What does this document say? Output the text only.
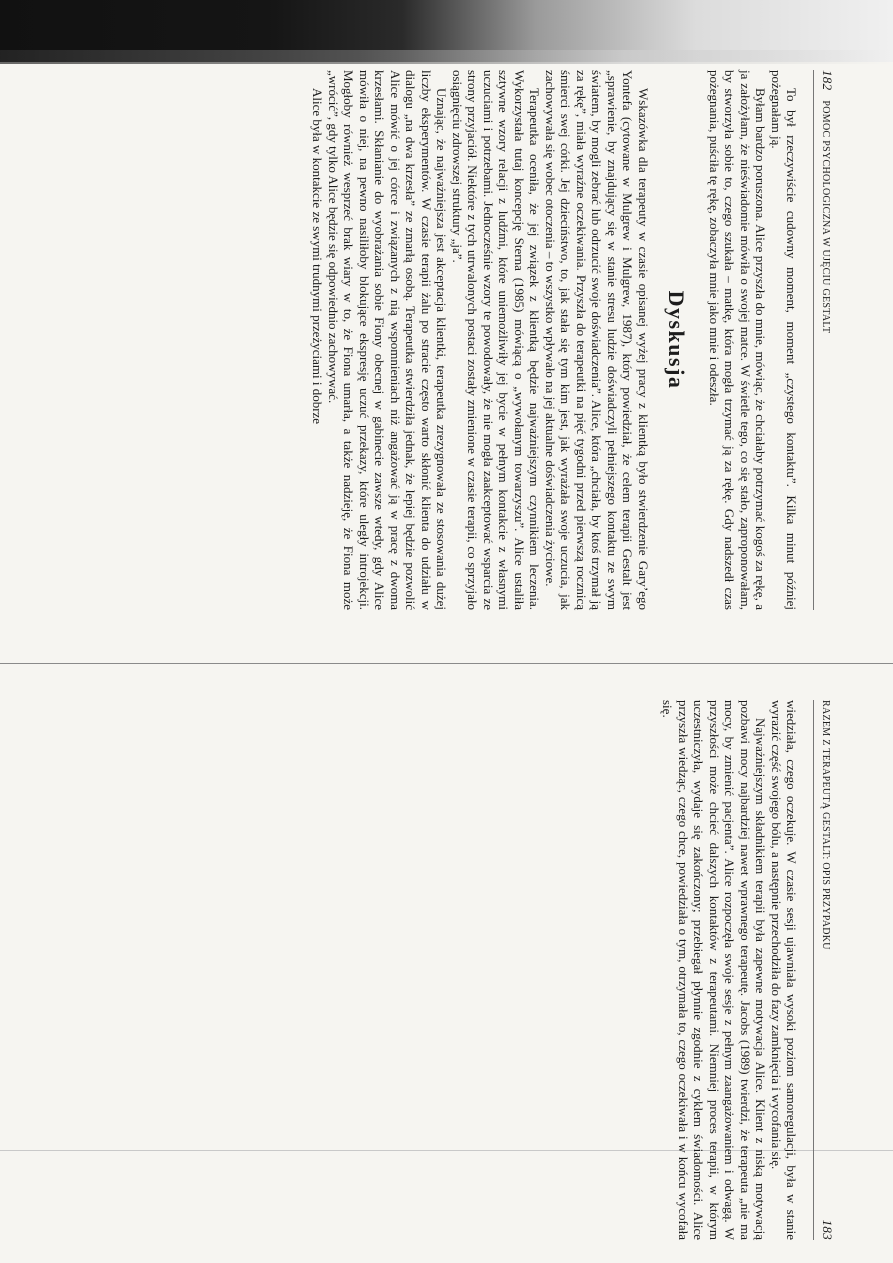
182
POMOC PSYCHOLOGICZNA W UJĘCIU GESTALT

To był rzeczywiście cudowny moment, moment „czystego kontaktu”. Kilka minut później pożegnałam ją.

Byłam bardzo poruszona. Alice przyszła do mnie, mówiąc, że chciałaby potrzymać kogoś za rękę, a ja założyłam, że nieświadomie mówiła o swojej matce. W świetle tego, co się stało, zaproponowałam, by stworzyła sobie to, czego szukała – matkę, która mogła trzymać ją za rękę. Gdy nadszedł czas pożegnania, puściła tę rękę, zobaczyła mnie jako mnie i odeszła.

Dyskusja

Wskazówka dla terapeuty w czasie opisanej wyżej pracy z klientką było stwierdzenie Gary’ego Yontefa (cytowane w Mulgrew i Mulgrew, 1987), który powiedział, że celem terapii Gestalt jest „sprawienie, by znajdujący się w stanie stresu ludzie doświadczyli pełniejszego kontaktu ze swym światem, by mogli zebrać lub odrzucić swoje doświadczenia”. Alice, która „chciała, by ktoś trzymał ją za rękę”, miała wyraźne oczekiwania. Przyszła do terapeutki na pięć tygodni przed pierwszą rocznicą śmierci swej córki. Jej dzieciństwo, to, jak stała się tym kim jest, jak wyrażała swoje uczucia, jak zachowywała się wobec otoczenia – to wszystko wpływało na jej aktualne doświadczenia życiowe.

Terapeutka oceniła, że jej związek z klientką będzie najważniejszym czynnikiem leczenia. Wykorzystała tutaj koncepcję Sterna (1985) mówiącą o „wywołanym towarzyszu”. Alice ustaliła sztywne wzory relacji z ludźmi, które uniemożliwiły jej bycie w pełnym kontakcie z własnymi uczuciami i potrzebami. Jednocześnie wzory te powodowały, że nie mogła zaakceptować wsparcia ze strony przyjaciół. Niektóre z tych utrwalonych postaci zostały zmienione w czasie terapii, co sprzyjało osiągnięciu zdrowszej struktury „ja”.

Uznając, że najważniejsza jest akceptacja klientki, terapeutka zrezygnowała ze stosowania dużej liczby eksperymentów. W czasie terapii żalu po stracie często warto skłonić klienta do udziału w dialogu „na dwa krzesła” ze zmarłą osobą. Terapeutka stwierdziła jednak, że lepiej będzie pozwolić Alice mówić o jej córce i związanych z nią wspomnieniach niż angażować ją w pracę z dwoma krzesłami. Skłanianie do wyobrażania sobie Fiony obecnej w gabinecie zawsze wtedy, gdy Alice mówiła o niej, na pewno nasiliłoby blokujące ekspresję uczuć przekazy, które uległy introjekcji. Mogłoby również wesprzeć brak wiary w to, że Fiona umarła, a także nadzieję, że Fiona może „wrócić”, gdy tylko Alice będzie się odpowiednio zachowywać.

Alice była w kontakcie ze swymi trudnymi przeżyciami i dobrze

RAZEM Z TERAPEUTĄ GESTALT: OPIS PRZYPADKU
183

wiedziała, czego oczekuje. W czasie sesji ujawniała wysoki poziom samoregulacji, była w stanie wyrazić część swojego bólu, a następnie przechodziła do fazy zamknięcia i wycofania się.

Najważniejszym składnikiem terapii była zapewne motywacja Alice. Klient z niską motywacją pozbawi mocy najbardziej nawet wprawnego terapeutę. Jacobs (1989) twierdzi, że terapeuta „nie ma mocy, by zmienić pacjenta”. Alice rozpoczęła swoje sesje z pełnym zaangażowaniem i odwagą. W przyszłości może chcieć dalszych kontaktów z terapeutami. Niemniej proces terapii, w którym uczestniczyła, wydaje się zakończony; przebiegał płynnie zgodnie z cyklem świadomości. Alice przyszła wiedząc, czego chce, powiedziała o tym, otrzymała to, czego oczekiwała i w końcu wycofała się.
